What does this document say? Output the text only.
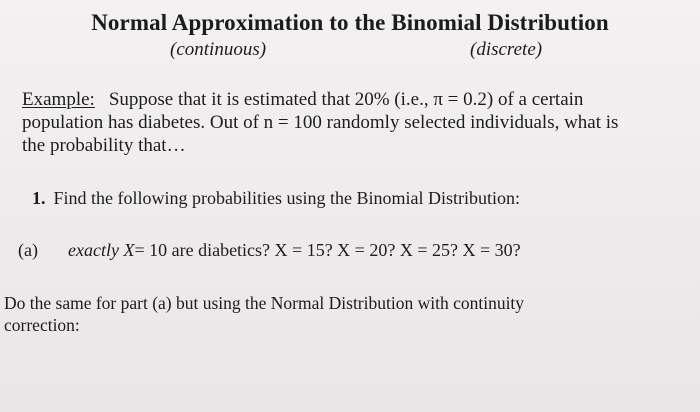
Normal Approximation to the Binomial Distribution
(continuous)	(discrete)
Example: Suppose that it is estimated that 20% (i.e., π = 0.2) of a certain
population has diabetes. Out of n = 100 randomly selected individuals, what is
the probability that…
1. Find the following probabilities using the Binomial Distribution:
(a) exactly X= 10 are diabetics? X = 15? X = 20? X = 25? X = 30?
Do the same for part (a) but using the Normal Distribution with continuity
correction:
